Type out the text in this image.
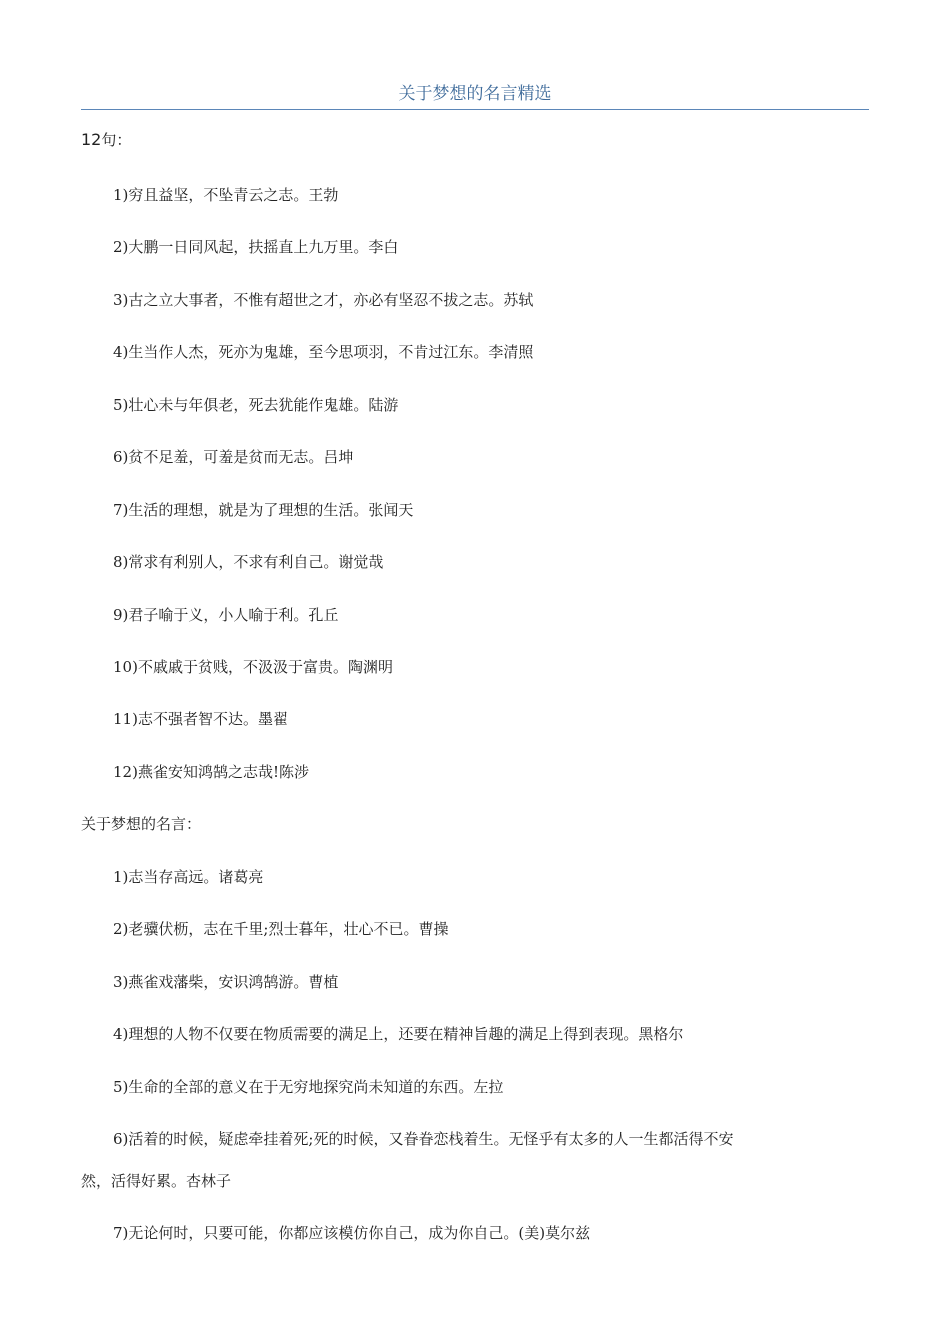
关于梦想的名言精选
12句：
1)穷且益坚，不坠青云之志。王勃
2)大鹏一日同风起，扶摇直上九万里。李白
3)古之立大事者，不惟有超世之才，亦必有坚忍不拔之志。苏轼
4)生当作人杰，死亦为鬼雄，至今思项羽，不肯过江东。李清照
5)壮心未与年俱老，死去犹能作鬼雄。陆游
6)贫不足羞，可羞是贫而无志。吕坤
7)生活的理想，就是为了理想的生活。张闻天
8)常求有利别人，不求有利自己。谢觉哉
9)君子喻于义，小人喻于利。孔丘
10)不戚戚于贫贱，不汲汲于富贵。陶渊明
11)志不强者智不达。墨翟
12)燕雀安知鸿鹄之志哉!陈涉
关于梦想的名言：
1)志当存高远。诸葛亮
2)老骥伏枥，志在千里;烈士暮年，壮心不已。曹操
3)燕雀戏藩柴，安识鸿鹄游。曹植
4)理想的人物不仅要在物质需要的满足上，还要在精神旨趣的满足上得到表现。黑格尔
5)生命的全部的意义在于无穷地探究尚未知道的东西。左拉
6)活着的时候，疑虑牵挂着死;死的时候，又眷眷恋栈着生。无怪乎有太多的人一生都活得不安
然，活得好累。杏林子
7)无论何时，只要可能，你都应该模仿你自己，成为你自己。(美)莫尔兹
